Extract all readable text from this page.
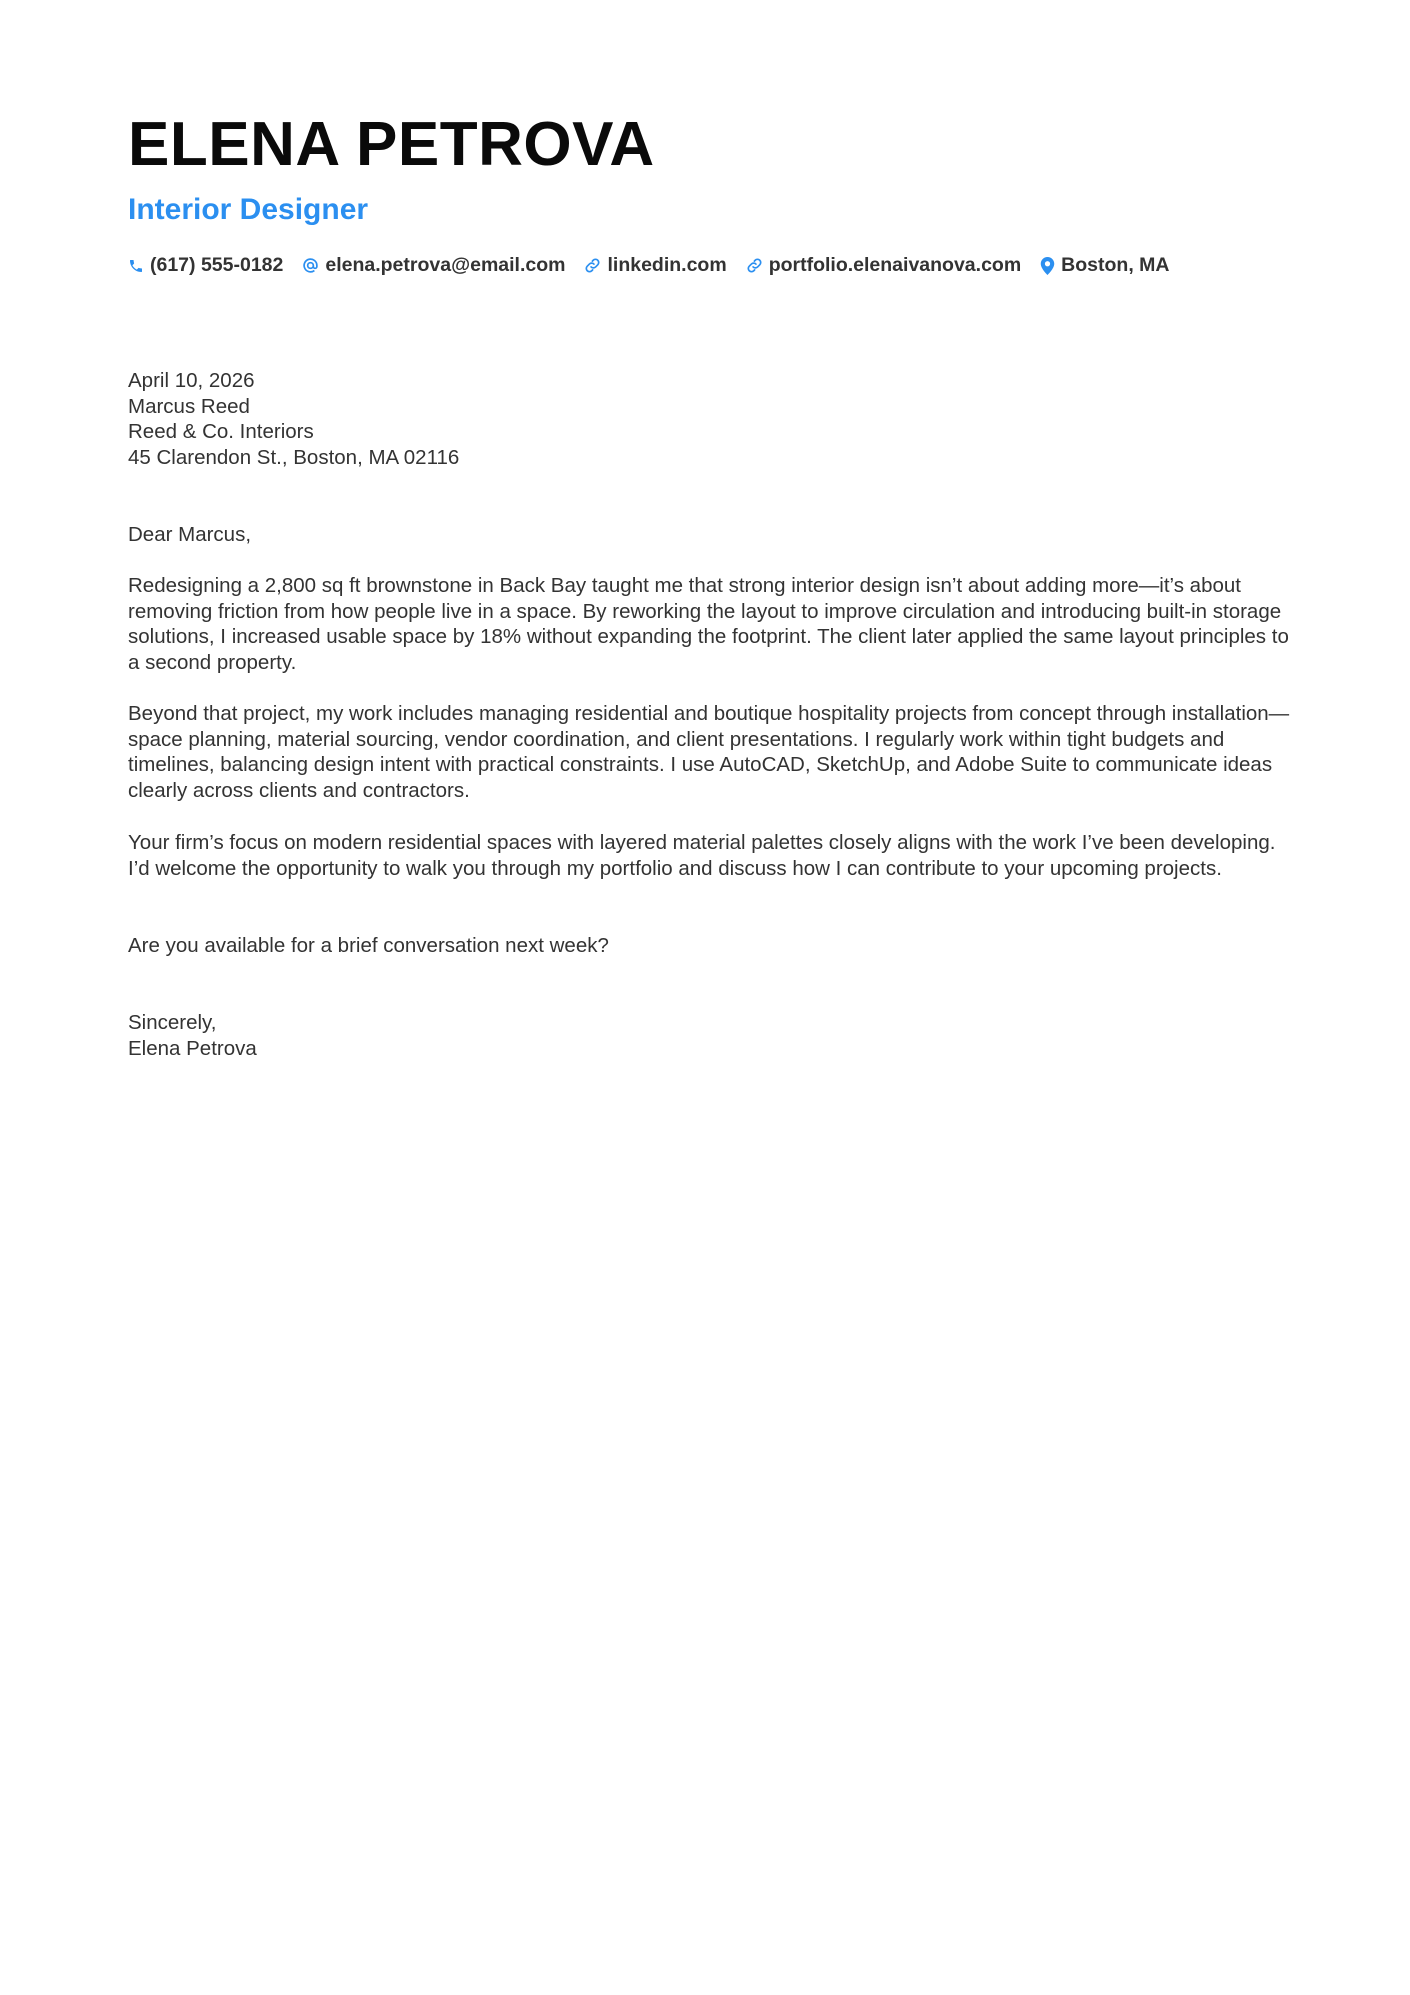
ELENA PETROVA
Interior Designer
(617) 555-0182 elena.petrova@email.com linkedin.com portfolio.elenaivanova.com Boston, MA
April 10, 2026
Marcus Reed
Reed & Co. Interiors
45 Clarendon St., Boston, MA 02116

Dear Marcus,

Redesigning a 2,800 sq ft brownstone in Back Bay taught me that strong interior design isn’t about adding more—it’s about removing friction from how people live in a space. By reworking the layout to improve circulation and introducing built-in storage solutions, I increased usable space by 18% without expanding the footprint. The client later applied the same layout principles to a second property.

Beyond that project, my work includes managing residential and boutique hospitality projects from concept through installation—space planning, material sourcing, vendor coordination, and client presentations. I regularly work within tight budgets and timelines, balancing design intent with practical constraints. I use AutoCAD, SketchUp, and Adobe Suite to communicate ideas clearly across clients and contractors.

Your firm’s focus on modern residential spaces with layered material palettes closely aligns with the work I’ve been developing. I’d welcome the opportunity to walk you through my portfolio and discuss how I can contribute to your upcoming projects.

Are you available for a brief conversation next week?

Sincerely,
Elena Petrova
